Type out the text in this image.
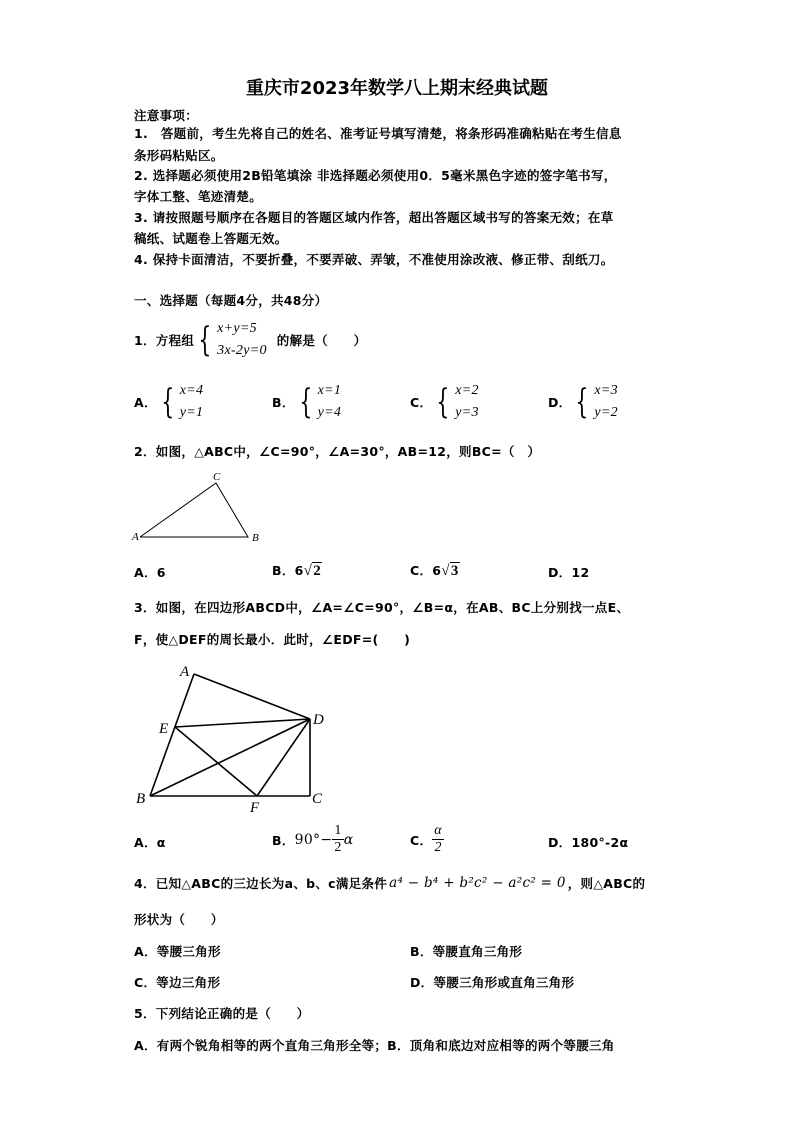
重庆市2023年数学八上期末经典试题
注意事项：
1.　答题前，考生先将自己的姓名、准考证号填写清楚，将条形码准确粘贴在考生信息
条形码粘贴区。
2. 选择题必须使用2B铅笔填涂 非选择题必须使用0．5毫米黑色字迹的签字笔书写，
字体工整、笔迹清楚。
3. 请按照题号顺序在各题目的答题区域内作答，超出答题区域书写的答案无效；在草
稿纸、试题卷上答题无效。
4. 保持卡面清洁，不要折叠，不要弄破、弄皱，不准使用涂改液、修正带、刮纸刀。
一、选择题（每题4分，共48分）
1．方程组 { x+y=5
3x-2y=0
的解是（　　）
A． { x=4
y=1
B． { x=1
y=4
C． { x=2
y=3
D． { x=3
y=2
2．如图，△ABC中，∠C=90°，∠A=30°，AB=12，则BC=（　）
A
C
B
A．6	B．6√2	C．6√3	D．12
3．如图，在四边形ABCD中，∠A=∠C=90°，∠B=α，在AB、BC上分别找一点E、
F，使△DEF的周长最小．此时，∠EDF=(　　)
A
E
D
B
F
C
A．α	B． $90^\circ- \frac{1}{2}$ α	C． $\frac{\alpha}{2}$	D．180°-2α
4．已知△ABC的三边长为a、b、c满足条件 a⁴ − b⁴ + b²c² − a²c² = 0 ，则△ABC的
形状为（　　）
A．等腰三角形	B．等腰直角三角形
C．等边三角形	D．等腰三角形或直角三角形
5．下列结论正确的是（　　）
A．有两个锐角相等的两个直角三角形全等；B．顶角和底边对应相等的两个等腰三角
